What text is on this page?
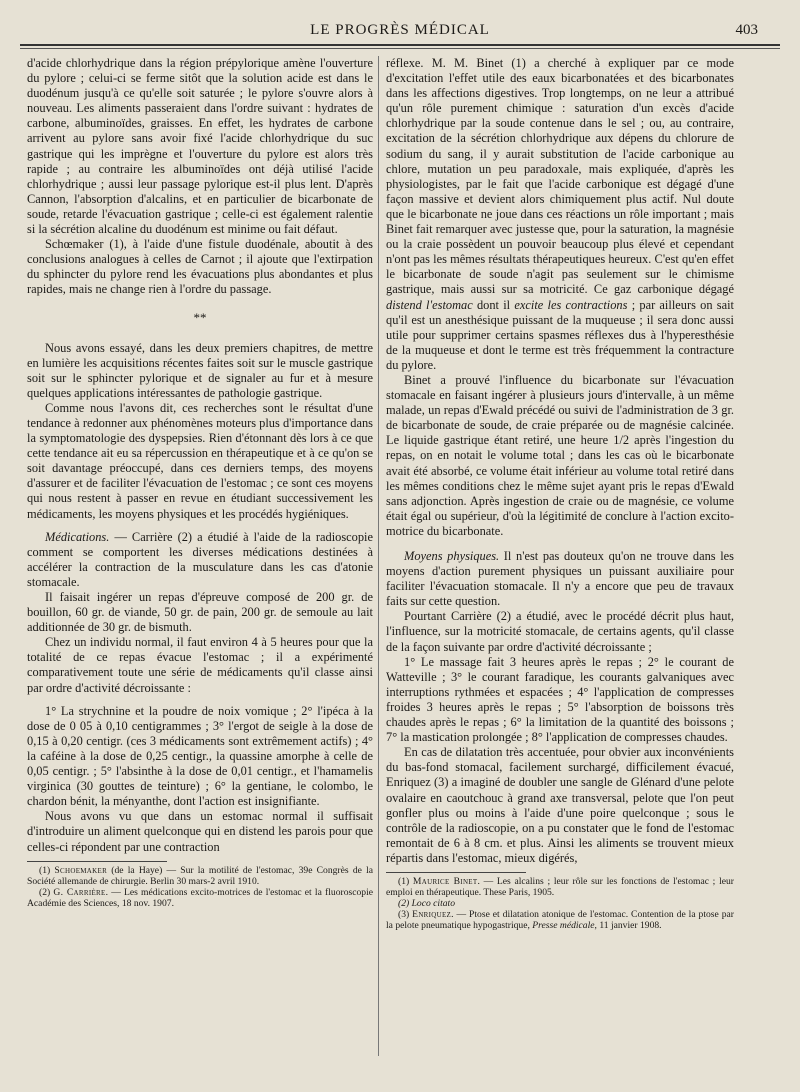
LE PROGRÈS MÉDICAL	403

d'acide chlorhydrique dans la région prépylorique amène l'ouverture du pylore ; celui-ci se ferme sitôt que la solution acide est dans le duodénum jusqu'à ce qu'elle soit saturée ; le pylore s'ouvre alors à nouveau. Les aliments passeraient dans l'ordre suivant : hydrates de carbone, albuminoïdes, graisses. En effet, les hydrates de carbone arrivent au pylore sans avoir fixé l'acide chlorhydrique du suc gastrique qui les imprègne et l'ouverture du pylore est alors très rapide ; au contraire les albuminoïdes ont déjà utilisé l'acide chlorhydrique ; aussi leur passage pylorique est-il plus lent. D'après Cannon, l'absorption d'alcalins, et en particulier de bicarbonate de soude, retarde l'évacuation gastrique ; celle-ci est également ralentie si la sécrétion alcaline du duodénum est minime ou fait défaut.

Schœmaker (1), à l'aide d'une fistule duodénale, aboutit à des conclusions analogues à celles de Carnot ; il ajoute que l'extirpation du sphincter du pylore rend les évacuations plus abondantes et plus rapides, mais ne change rien à l'ordre du passage.

**

Nous avons essayé, dans les deux premiers chapitres, de mettre en lumière les acquisitions récentes faites soit sur le muscle gastrique soit sur le sphincter pylorique et de signaler au fur et à mesure quelques applications intéressantes de pathologie gastrique.

Comme nous l'avons dit, ces recherches sont le résultat d'une tendance à redonner aux phénomènes moteurs plus d'importance dans la symptomatologie des dyspepsies. Rien d'étonnant dès lors à ce que cette tendance ait eu sa répercussion en thérapeutique et à ce qu'on se soit davantage préoccupé, dans ces derniers temps, des moyens d'assurer et de faciliter l'évacuation de l'estomac ; ce sont ces moyens qui nous restent à passer en revue en étudiant successivement les médicaments, les moyens physiques et les procédés hygiéniques.

Médications. — Carrière (2) a étudié à l'aide de la radioscopie comment se comportent les diverses médications destinées à accélérer la contraction de la musculature dans les cas d'atonie stomacale.

Il faisait ingérer un repas d'épreuve composé de 200 gr. de bouillon, 60 gr. de viande, 50 gr. de pain, 200 gr. de semoule au lait additionnée de 30 gr. de bismuth.

Chez un individu normal, il faut environ 4 à 5 heures pour que la totalité de ce repas évacue l'estomac ; il a expérimenté comparativement toute une série de médicaments qu'il classe ainsi par ordre d'activité décroissante :

1° La strychnine et la poudre de noix vomique ; 2° l'ipéca à la dose de 0 05 à 0,10 centigrammes ; 3° l'ergot de seigle à la dose de 0,15 à 0,20 centigr. (ces 3 médicaments sont extrêmement actifs) ; 4° la caféine à la dose de 0,25 centigr., la quassine amorphe à celle de 0,05 centigr. ; 5° l'absinthe à la dose de 0,01 centigr., et l'hamamelis virginica (30 gouttes de teinture) ; 6° la gentiane, le colombo, le chardon bénit, la ményanthe, dont l'action est insignifiante.

Nous avons vu que dans un estomac normal il suffisait d'introduire un aliment quelconque qui en distend les parois pour que celles-ci répondent par une contraction

(1) Schoemaker (de la Haye) — Sur la motilité de l'estomac, 39e Congrès de la Société allemande de chirurgie. Berlin 30 mars-2 avril 1910.

(2) G. Carrière. — Les médications excito-motrices de l'estomac et la fluoroscopie Académie des Sciences, 18 nov. 1907.

réflexe. M. M. Binet (1) a cherché à expliquer par ce mode d'excitation l'effet utile des eaux bicarbonatées et des bicarbonates dans les affections digestives. Trop longtemps, on ne leur a attribué qu'un rôle purement chimique : saturation d'un excès d'acide chlorhydrique par la soude contenue dans le sel ; ou, au contraire, excitation de la sécrétion chlorhydrique aux dépens du chlorure de sodium du sang, il y aurait substitution de l'acide carbonique au chlore, mutation un peu paradoxale, mais expliquée, d'après les physiologistes, par le fait que l'acide carbonique est dégagé d'une façon massive et devient alors chimiquement plus actif. Nul doute que le bicarbonate ne joue dans ces réactions un rôle important ; mais Binet fait remarquer avec justesse que, pour la saturation, la magnésie ou la craie possèdent un pouvoir beaucoup plus élevé et cependant n'ont pas les mêmes résultats thérapeutiques heureux. C'est qu'en effet le bicarbonate de soude n'agit pas seulement sur le chimisme gastrique, mais aussi sur sa motricité. Ce gaz carbonique dégagé distend l'estomac dont il excite les contractions ; par ailleurs on sait qu'il est un anesthésique puissant de la muqueuse ; il sera donc aussi utile pour supprimer certains spasmes réflexes dus à l'hyperesthésie de la muqueuse et dont le terme est très fréquemment la contracture du pylore.

Binet a prouvé l'influence du bicarbonate sur l'évacuation stomacale en faisant ingérer à plusieurs jours d'intervalle, à un même malade, un repas d'Ewald précédé ou suivi de l'administration de 3 gr. de bicarbonate de soude, de craie préparée ou de magnésie calcinée. Le liquide gastrique étant retiré, une heure 1/2 après l'ingestion du repas, on en notait le volume total ; dans les cas où le bicarbonate avait été absorbé, ce volume était inférieur au volume total retiré dans les mêmes conditions chez le même sujet ayant pris le repas d'Ewald sans adjonction. Après ingestion de craie ou de magnésie, ce volume était égal ou supérieur, d'où la légitimité de conclure à l'action excito-motrice du bicarbonate.

Moyens physiques. Il n'est pas douteux qu'on ne trouve dans les moyens d'action purement physiques un puissant auxiliaire pour faciliter l'évacuation stomacale. Il n'y a encore que peu de travaux faits sur cette question.

Pourtant Carrière (2) a étudié, avec le procédé décrit plus haut, l'influence, sur la motricité stomacale, de certains agents, qu'il classe de la façon suivante par ordre d'activité décroissante ;

1° Le massage fait 3 heures après le repas ; 2° le courant de Watteville ; 3° le courant faradique, les courants galvaniques avec interruptions rythmées et espacées ; 4° l'application de compresses froides 3 heures après le repas ; 5° l'absorption de boissons très chaudes après le repas ; 6° la limitation de la quantité des boissons ; 7° la mastication prolongée ; 8° l'application de compresses chaudes.

En cas de dilatation très accentuée, pour obvier aux inconvénients du bas-fond stomacal, facilement surchargé, difficilement évacué, Enriquez (3) a imaginé de doubler une sangle de Glénard d'une pelote ovalaire en caoutchouc à grand axe transversal, pelote que l'on peut gonfler plus ou moins à l'aide d'une poire quelconque ; sous le contrôle de la radioscopie, on a pu constater que le fond de l'estomac remontait de 6 à 8 cm. et plus. Ainsi les aliments se trouvent mieux répartis dans l'estomac, mieux digérés,

(1) Maurice Binet. — Les alcalins ; leur rôle sur les fonctions de l'estomac ; leur emploi en thérapeutique. These Paris, 1905.

(2) Loco citato

(3) Enriquez. — Ptose et dilatation atonique de l'estomac. Contention de la ptose par la pelote pneumatique hypogastrique, Presse médicale, 11 janvier 1908.
